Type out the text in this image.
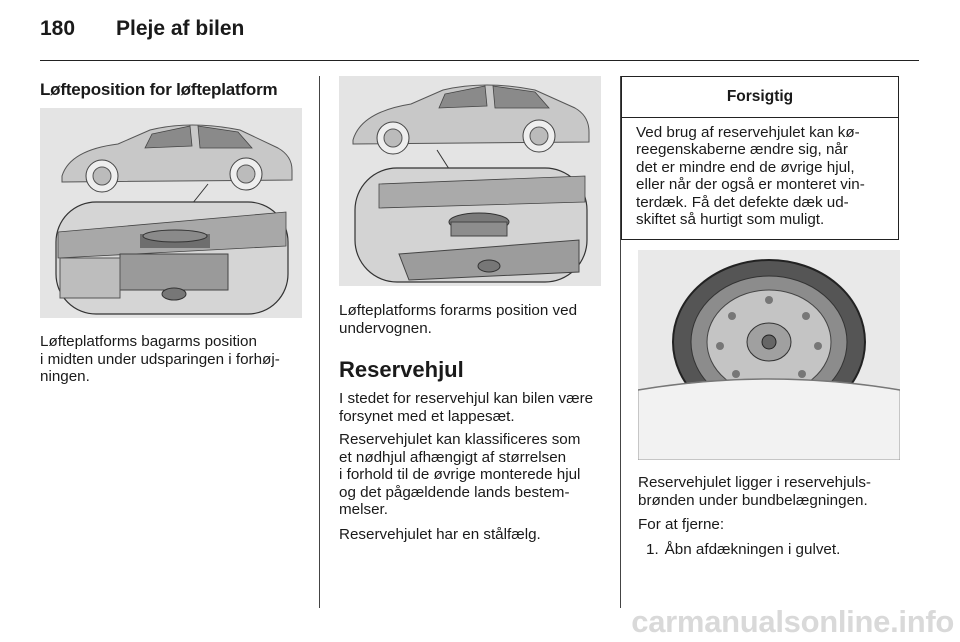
180 Pleje af bilen
Løfteposition for løfteplatform
Løfteplatforms bagarms position
i midten under udsparingen i forhøj-
ningen.
Løfteplatforms forarms position ved
undervognen.
Reservehjul
I stedet for reservehjul kan bilen være
forsynet med et lappesæt.
Reservehjulet kan klassificeres som
et nødhjul afhængigt af størrelsen
i forhold til de øvrige monterede hjul
og det pågældende lands bestem-
melser.
Reservehjulet har en stålfælg.
Forsigtig
Ved brug af reservehjulet kan kø-
reegenskaberne ændre sig, når
det er mindre end de øvrige hjul,
eller når der også er monteret vin-
terdæk. Få det defekte dæk ud-
skiftet så hurtigt som muligt.
Reservehjulet ligger i reservehjuls-
brønden under bundbelægningen.
For at fjerne:
1. Åbn afdækningen i gulvet.
carmanualsonline.info
